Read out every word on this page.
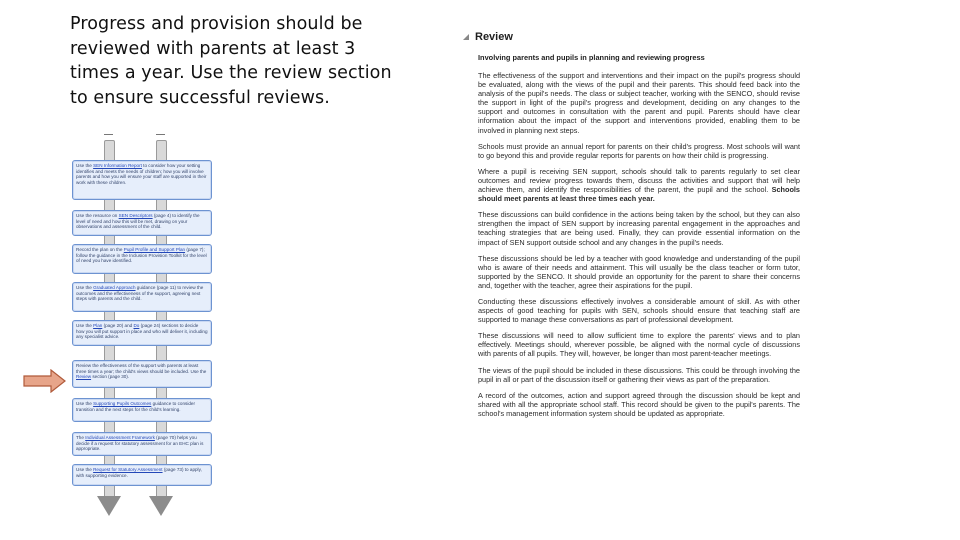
Progress and provision should be reviewed with parents at least 3 times a year. Use the review section to ensure successful reviews.
Use the SEN Information Report to consider how your setting identifies and meets the needs of children; how you will involve parents and how you will ensure your staff are supported in their work with these children.
Use the resource on SEN Descriptors (page 4) to identify the level of need and how this will be met, drawing on your observations and assessment of the child.
Record the plan on the Pupil Profile and Support Plan (page 7); follow the guidance in the Inclusion Provision Toolkit for the level of need you have identified.
Use the Graduated Approach guidance (page 11) to review the outcomes and the effectiveness of the support, agreeing next steps with parents and the child.
Use the Plan (page 20) and Do (page 24) sections to decide how you will put support in place and who will deliver it, including any specialist advice.
Review the effectiveness of the support with parents at least three times a year; the child's views should be included. Use the Review section (page 30).
Use the Supporting Pupils Outcomes guidance to consider transition and the next steps for the child's learning.
The Individual Assessment Framework (page 70) helps you decide if a request for statutory assessment for an EHC plan is appropriate.
Use the Request for Statutory Assessment (page 73) to apply, with supporting evidence.
Review
Involving parents and pupils in planning and reviewing progress

The effectiveness of the support and interventions and their impact on the pupil's progress should be evaluated, along with the views of the pupil and their parents. This should feed back into the analysis of the pupil's needs. The class or subject teacher, working with the SENCO, should revise the support in light of the pupil's progress and development, deciding on any changes to the support and outcomes in consultation with the parent and pupil. Parents should have clear information about the impact of the support and interventions provided, enabling them to be involved in planning next steps.

Schools must provide an annual report for parents on their child's progress. Most schools will want to go beyond this and provide regular reports for parents on how their child is progressing.

Where a pupil is receiving SEN support, schools should talk to parents regularly to set clear outcomes and review progress towards them, discuss the activities and support that will help achieve them, and identify the responsibilities of the parent, the pupil and the school. Schools should meet parents at least three times each year.

These discussions can build confidence in the actions being taken by the school, but they can also strengthen the impact of SEN support by increasing parental engagement in the approaches and teaching strategies that are being used. Finally, they can provide essential information on the impact of SEN support outside school and any changes in the pupil's needs.

These discussions should be led by a teacher with good knowledge and understanding of the pupil who is aware of their needs and attainment. This will usually be the class teacher or form tutor, supported by the SENCO. It should provide an opportunity for the parent to share their concerns and, together with the teacher, agree their aspirations for the pupil.

Conducting these discussions effectively involves a considerable amount of skill. As with other aspects of good teaching for pupils with SEN, schools should ensure that teaching staff are supported to manage these conversations as part of professional development.

These discussions will need to allow sufficient time to explore the parents' views and to plan effectively. Meetings should, wherever possible, be aligned with the normal cycle of discussions with parents of all pupils. They will, however, be longer than most parent-teacher meetings.

The views of the pupil should be included in these discussions. This could be through involving the pupil in all or part of the discussion itself or gathering their views as part of the preparation.

A record of the outcomes, action and support agreed through the discussion should be kept and shared with all the appropriate school staff. This record should be given to the pupil's parents. The school's management information system should be updated as appropriate.
